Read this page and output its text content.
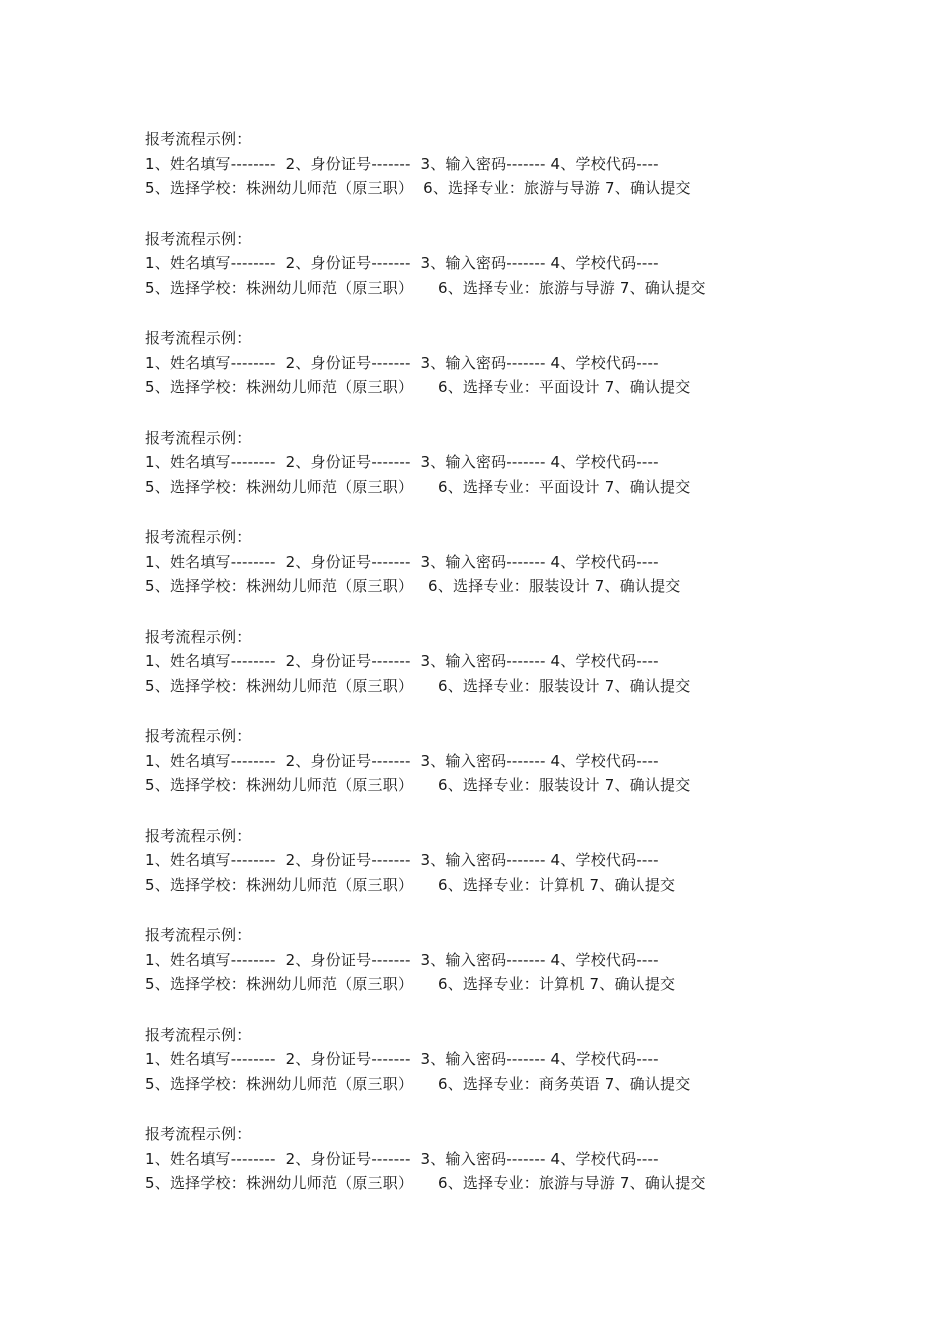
报考流程示例：
1、姓名填写--------  2、身份证号-------  3、输入密码------- 4、学校代码----
5、选择学校：株洲幼儿师范（原三职）  6、选择专业：旅游与导游 7、确认提交
报考流程示例：
1、姓名填写--------  2、身份证号-------  3、输入密码------- 4、学校代码----
5、选择学校：株洲幼儿师范（原三职）     6、选择专业：旅游与导游 7、确认提交
报考流程示例：
1、姓名填写--------  2、身份证号-------  3、输入密码------- 4、学校代码----
5、选择学校：株洲幼儿师范（原三职）     6、选择专业：平面设计 7、确认提交
报考流程示例：
1、姓名填写--------  2、身份证号-------  3、输入密码------- 4、学校代码----
5、选择学校：株洲幼儿师范（原三职）     6、选择专业：平面设计 7、确认提交
报考流程示例：
1、姓名填写--------  2、身份证号-------  3、输入密码------- 4、学校代码----
5、选择学校：株洲幼儿师范（原三职）   6、选择专业：服装设计 7、确认提交
报考流程示例：
1、姓名填写--------  2、身份证号-------  3、输入密码------- 4、学校代码----
5、选择学校：株洲幼儿师范（原三职）     6、选择专业：服装设计 7、确认提交
报考流程示例：
1、姓名填写--------  2、身份证号-------  3、输入密码------- 4、学校代码----
5、选择学校：株洲幼儿师范（原三职）     6、选择专业：服装设计 7、确认提交
报考流程示例：
1、姓名填写--------  2、身份证号-------  3、输入密码------- 4、学校代码----
5、选择学校：株洲幼儿师范（原三职）     6、选择专业：计算机 7、确认提交
报考流程示例：
1、姓名填写--------  2、身份证号-------  3、输入密码------- 4、学校代码----
5、选择学校：株洲幼儿师范（原三职）     6、选择专业：计算机 7、确认提交
报考流程示例：
1、姓名填写--------  2、身份证号-------  3、输入密码------- 4、学校代码----
5、选择学校：株洲幼儿师范（原三职）     6、选择专业：商务英语 7、确认提交
报考流程示例：
1、姓名填写--------  2、身份证号-------  3、输入密码------- 4、学校代码----
5、选择学校：株洲幼儿师范（原三职）     6、选择专业：旅游与导游 7、确认提交
